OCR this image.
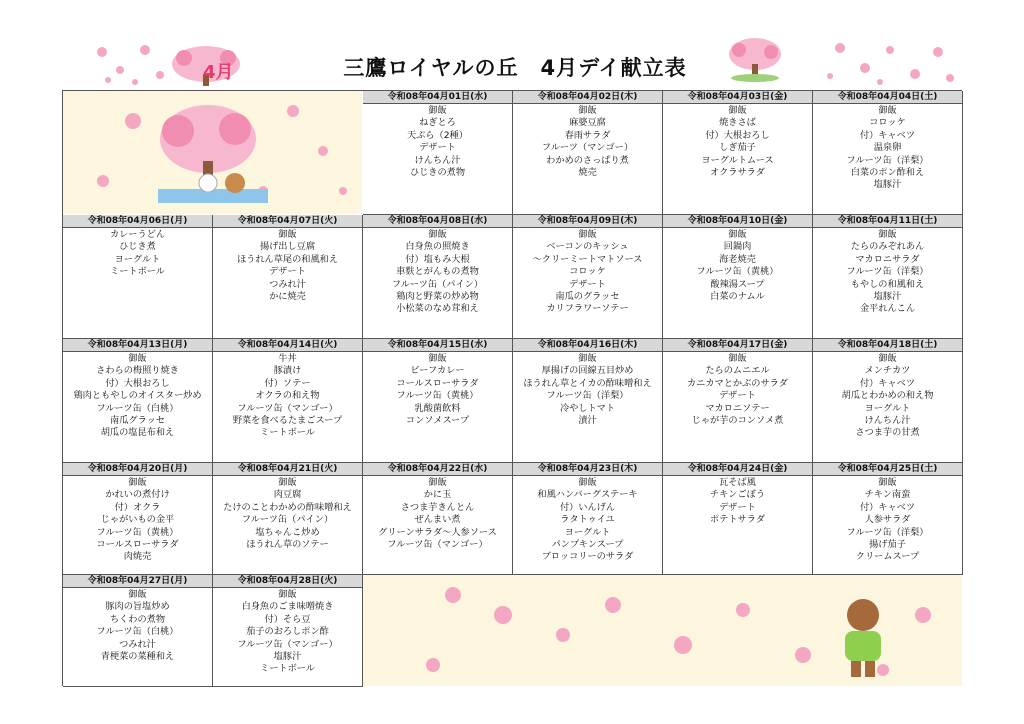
4月	三鷹ロイヤルの丘　4月デイ献立表
令和08年04月01日(水)
御飯
ねぎとろ
天ぷら（2種）
デザート
けんちん汁
ひじきの煮物
令和08年04月02日(木)
御飯
麻婆豆腐
春雨サラダ
フルーツ（マンゴー）
わかめのさっぱり煮
焼売
令和08年04月03日(金)
御飯
焼きさば
付）大根おろし
しぎ茄子
ヨーグルトムース
オクラサラダ
令和08年04月04日(土)
御飯
コロッケ
付）キャベツ
温泉卵
フルーツ缶（洋梨）
白菜のポン酢和え
塩豚汁
令和08年04月06日(月)
カレーうどん
ひじき煮
ヨーグルト
ミートボール
令和08年04月07日(火)
御飯
揚げ出し豆腐
ほうれん草尾の和風和え
デザート
つみれ汁
かに焼売
令和08年04月08日(水)
御飯
白身魚の照焼き
付）塩もみ大根
車麩とがんもの煮物
フルーツ缶（パイン）
鶏肉と野菜の炒め物
小松菜のなめ茸和え
令和08年04月09日(木)
御飯
ベーコンのキッシュ
～クリーミートマトソース
コロッケ
デザート
南瓜のグラッセ
カリフラワーソテー
令和08年04月10日(金)
御飯
回鍋肉
海老焼売
フルーツ缶（黄桃）
酸辣湯スープ
白菜のナムル
令和08年04月11日(土)
御飯
たらのみぞれあん
マカロニサラダ
フルーツ缶（洋梨）
もやしの和風和え
塩豚汁
金平れんこん
令和08年04月13日(月)
御飯
さわらの梅照り焼き
付）大根おろし
鶏肉ともやしのオイスター炒め
フルーツ缶（白桃）
南瓜グラッセ
胡瓜の塩昆布和え
令和08年04月14日(火)
牛丼
豚漬け
付）ソテー
オクラの和え物
フルーツ缶（マンゴー）
野菜を食べるたまごスープ
ミートボール
令和08年04月15日(水)
御飯
ビーフカレー
コールスローサラダ
フルーツ缶（黄桃）
乳酸菌飲料
コンソメスープ
令和08年04月16日(木)
御飯
厚揚げの回線五目炒め
ほうれん草とイカの酢味噌和え
フルーツ缶（洋梨）
冷やしトマト
漬汁
令和08年04月17日(金)
御飯
たらのムニエル
カニカマとかぶのサラダ
デザート
マカロニソテー
じゃが芋のコンソメ煮
令和08年04月18日(土)
御飯
メンチカツ
付）キャベツ
胡瓜とわかめの和え物
ヨーグルト
けんちん汁
さつま芋の甘煮
令和08年04月20日(月)
御飯
かれいの煮付け
付）オクラ
じゃがいもの金平
フルーツ缶（黄桃）
コールスローサラダ
肉焼売
令和08年04月21日(火)
御飯
肉豆腐
たけのことわかめの酢味噌和え
フルーツ缶（パイン）
塩ちゃんこ炒め
ほうれん草のソテー
令和08年04月22日(水)
御飯
かに玉
さつま芋きんとん
ぜんまい煮
グリーンサラダ～人参ソース
フルーツ缶（マンゴー）
令和08年04月23日(木)
御飯
和風ハンバーグステーキ
付）いんげん
ラタトゥイユ
ヨーグルト
パンプキンスープ
ブロッコリーのサラダ
令和08年04月24日(金)
瓦そば風
チキンごぼう
デザート
ポテトサラダ
令和08年04月25日(土)
御飯
チキン南蛮
付）キャベツ
人参サラダ
フルーツ缶（洋梨）
揚げ茄子
クリームスープ
令和08年04月27日(月)
御飯
豚肉の旨塩炒め
ちくわの煮物
フルーツ缶（白桃）
つみれ汁
青梗菜の菜種和え
令和08年04月28日(火)
御飯
白身魚のごま味噌焼き
付）そら豆
茄子のおろしポン酢
フルーツ缶（マンゴー）
塩豚汁
ミートボール
